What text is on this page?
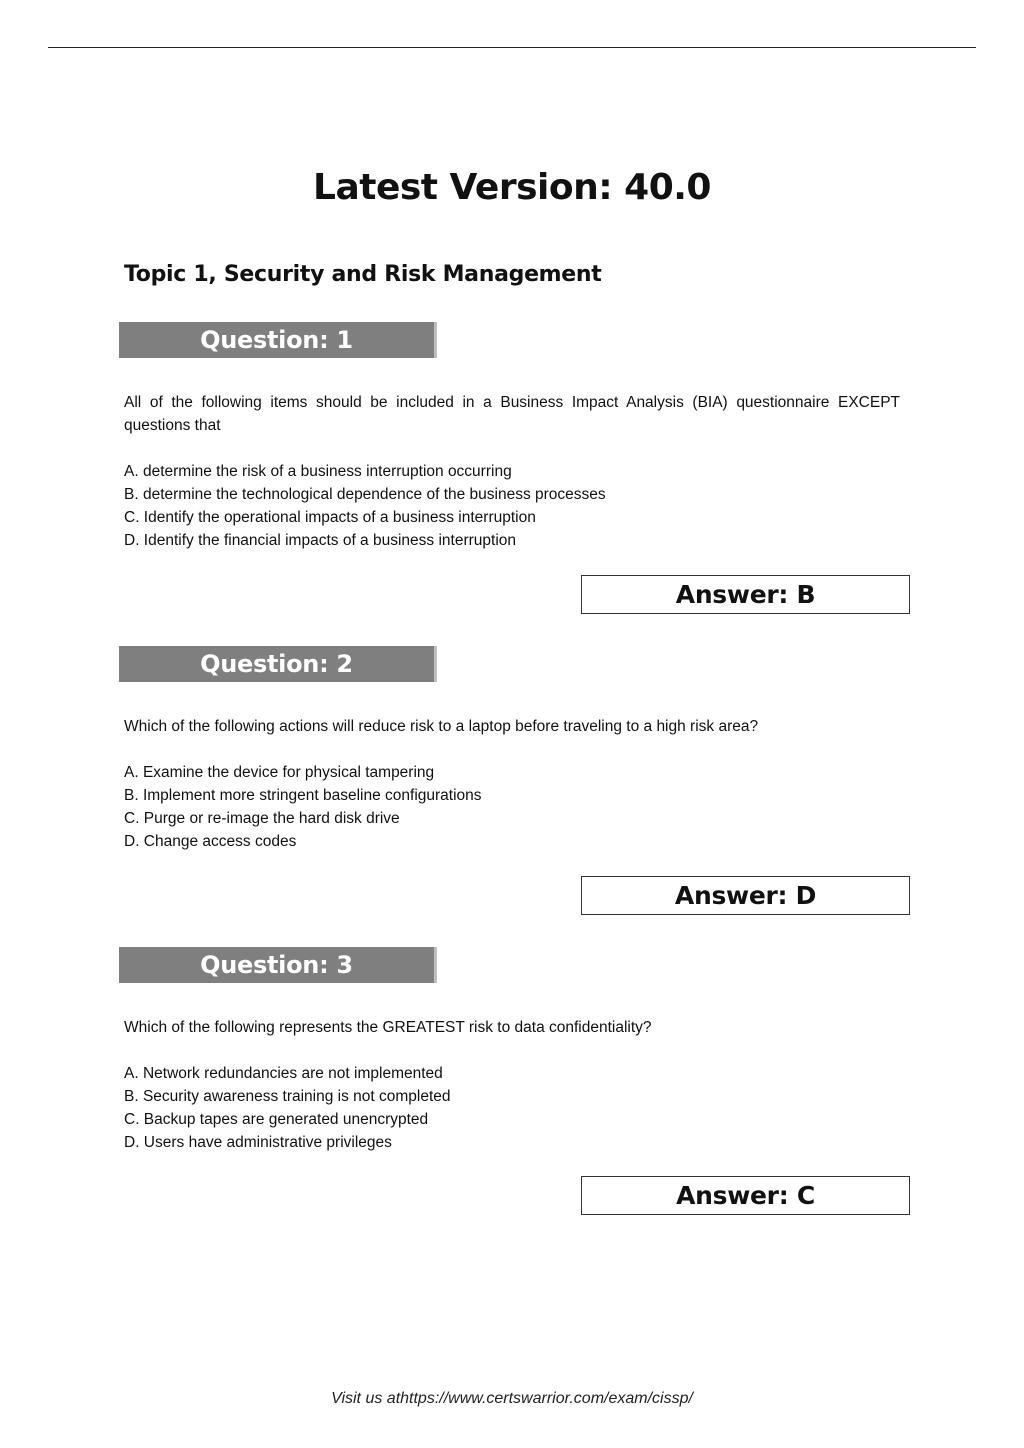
Latest Version: 40.0
Topic 1, Security and Risk Management
Question: 1

All of the following items should be included in a Business Impact Analysis (BIA) questionnaire EXCEPT questions that

A. determine the risk of a business interruption occurring
B. determine the technological dependence of the business processes
C. Identify the operational impacts of a business interruption
D. Identify the financial impacts of a business interruption
Answer: B
Question: 2

Which of the following actions will reduce risk to a laptop before traveling to a high risk area?

A. Examine the device for physical tampering
B. Implement more stringent baseline configurations
C. Purge or re-image the hard disk drive
D. Change access codes
Answer: D
Question: 3

Which of the following represents the GREATEST risk to data confidentiality?

A. Network redundancies are not implemented
B. Security awareness training is not completed
C. Backup tapes are generated unencrypted
D. Users have administrative privileges
Answer: C
Visit us athttps://www.certswarrior.com/exam/cissp/
